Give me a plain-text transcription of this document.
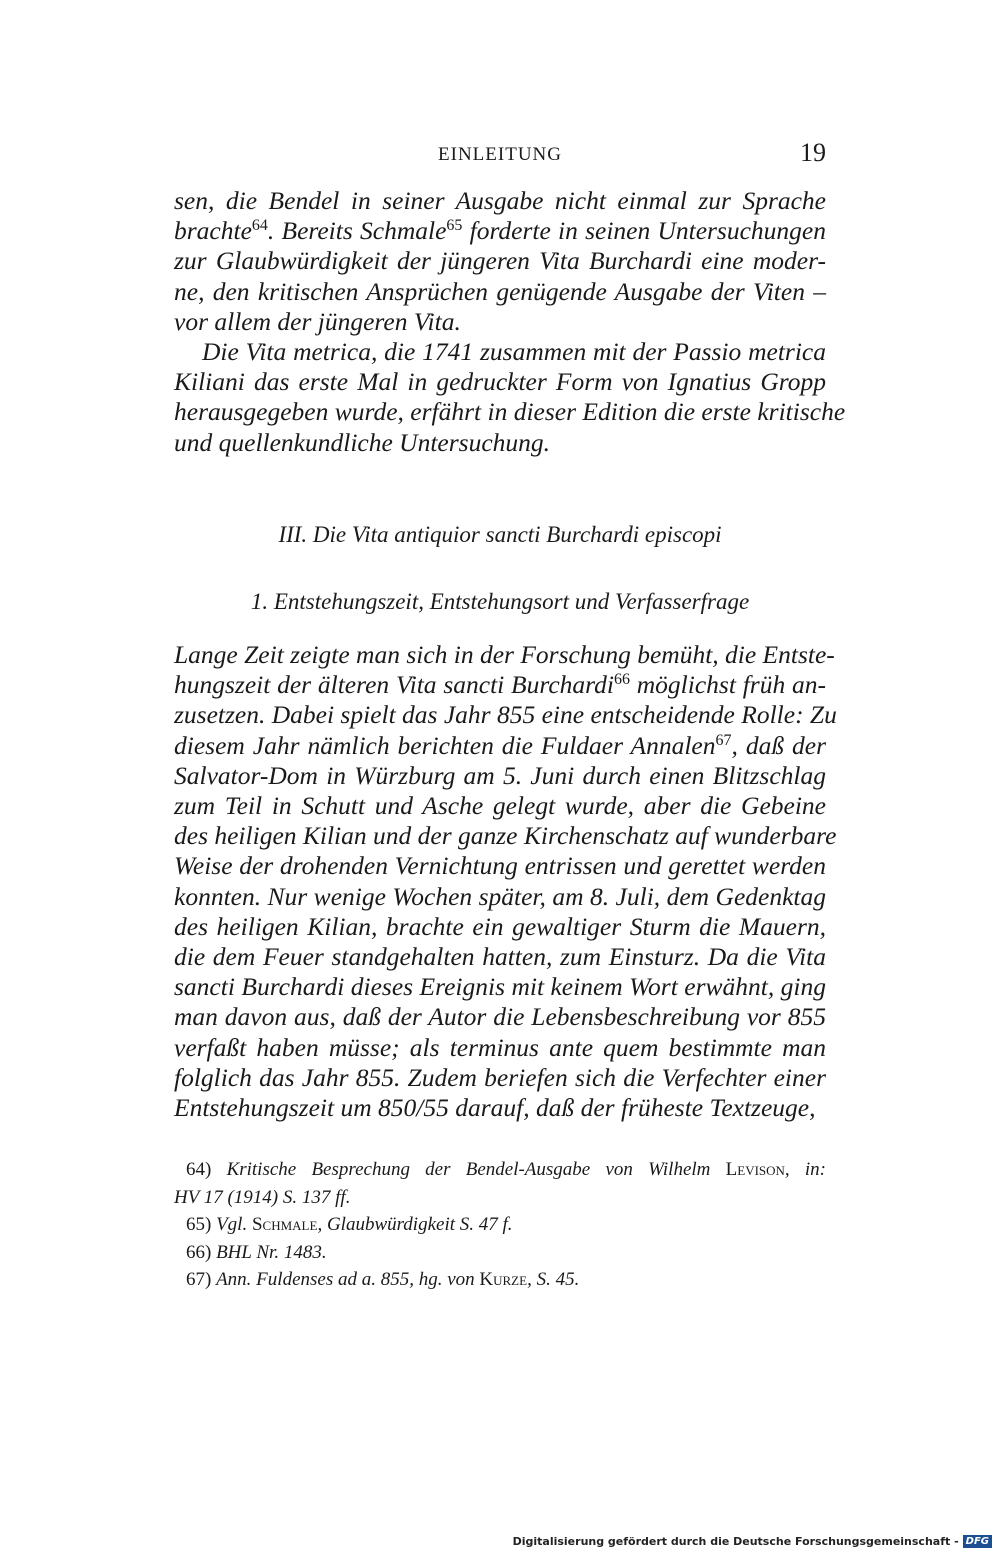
EINLEITUNG	19
sen, die Bendel in seiner Ausgabe nicht einmal zur Sprache
brachte$^{64}$. Bereits Schmale$^{65}$ forderte in seinen Untersuchungen
zur Glaubwürdigkeit der jüngeren Vita Burchardi eine moder-
ne, den kritischen Ansprüchen genügende Ausgabe der Viten –
vor allem der jüngeren Vita.
Die Vita metrica, die 1741 zusammen mit der Passio metrica
Kiliani das erste Mal in gedruckter Form von Ignatius Gropp
herausgegeben wurde, erfährt in dieser Edition die erste kritische
und quellenkundliche Untersuchung.
III. Die Vita antiquior sancti Burchardi episcopi
1. Entstehungszeit, Entstehungsort und Verfasserfrage
Lange Zeit zeigte man sich in der Forschung bemüht, die Entste-
hungszeit der älteren Vita sancti Burchardi$^{66}$ möglichst früh an-
zusetzen. Dabei spielt das Jahr 855 eine entscheidende Rolle: Zu
diesem Jahr nämlich berichten die Fuldaer Annalen$^{67}$, daß der
Salvator-Dom in Würzburg am 5. Juni durch einen Blitzschlag
zum Teil in Schutt und Asche gelegt wurde, aber die Gebeine
des heiligen Kilian und der ganze Kirchenschatz auf wunderbare
Weise der drohenden Vernichtung entrissen und gerettet werden
konnten. Nur wenige Wochen später, am 8. Juli, dem Gedenktag
des heiligen Kilian, brachte ein gewaltiger Sturm die Mauern,
die dem Feuer standgehalten hatten, zum Einsturz. Da die Vita
sancti Burchardi dieses Ereignis mit keinem Wort erwähnt, ging
man davon aus, daß der Autor die Lebensbeschreibung vor 855
verfaßt haben müsse; als terminus ante quem bestimmte man
folglich das Jahr 855. Zudem beriefen sich die Verfechter einer
Entstehungszeit um 850/55 darauf, daß der früheste Textzeuge,
64) Kritische Besprechung der Bendel-Ausgabe von Wilhelm Levison, in:
HV 17 (1914) S. 137 ff.
65) Vgl. Schmale, Glaubwürdigkeit S. 47 f.
66) BHL Nr. 1483.
67) Ann. Fuldenses ad a. 855, hg. von Kurze, S. 45.
Digitalisierung gefördert durch die Deutsche Forschungsgemeinschaft - DFG
